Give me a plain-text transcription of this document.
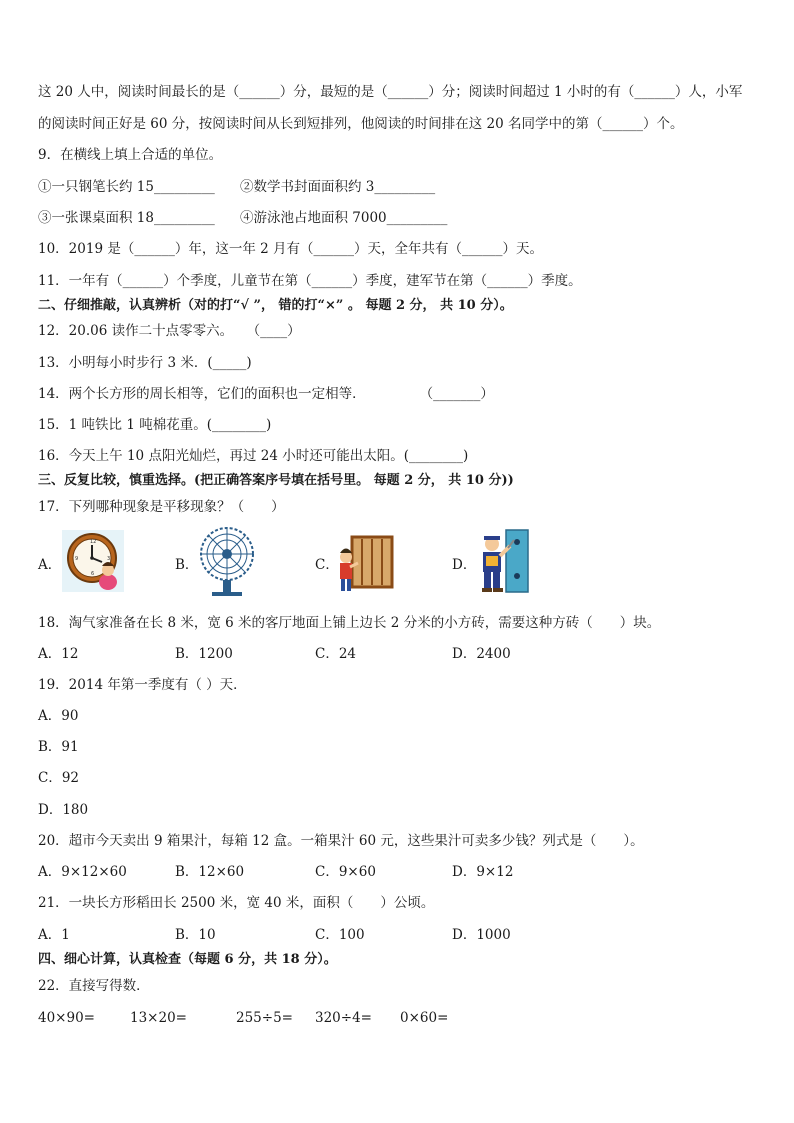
这 20 人中，阅读时间最长的是（______）分，最短的是（______）分；阅读时间超过 1 小时的有（______）人，小军
的阅读时间正好是 60 分，按阅读时间从长到短排列，他阅读的时间排在这 20 名同学中的第（______）个。
9．在横线上填上合适的单位。
①一只钢笔长约 15_________ ②数学书封面面积约 3_________
③一张课桌面积 18_________ ④游泳池占地面积 7000_________
10．2019 是（______）年，这一年 2 月有（______）天，全年共有（______）天。
11．一年有（______）个季度，儿童节在第（______）季度，建军节在第（______）季度。
二、仔细推敲，认真辨析（对的打“√ ”， 错的打“×” 。 每题 2 分， 共 10 分）。
12．20.06 读作二十点零零六。　　（____）
13．小明每小时步行 3 米．(_____)
14．两个长方形的周长相等，它们的面积也一定相等．　　　　　（_______）
15．1 吨铁比 1 吨棉花重。(________)
16．今天上午 10 点阳光灿烂，再过 24 小时还可能出太阳。(________)
三、反复比较，慎重选择。(把正确答案序号填在括号里。 每题 2 分， 共 10 分))
17．下列哪种现象是平移现象？（　　）
A．
12
3
6
9	B．	C．	D．
18．淘气家准备在长 8 米，宽 6 米的客厅地面上铺上边长 2 分米的小方砖，需要这种方砖（　　）块。
A．12	B．1200	C．24	D．2400
19．2014 年第一季度有（ ）天．
A．90
B．91
C．92
D．180
20．超市今天卖出 9 箱果汁，每箱 12 盒。一箱果汁 60 元，这些果汁可卖多少钱？列式是（　　）。
A．9×12×60	B．12×60	C．9×60	D．9×12
21．一块长方形稻田长 2500 米，宽 40 米，面积（　　）公顷。
A．1	B．10	C．100	D．1000
四、细心计算，认真检查（每题 6 分，共 18 分）。
22．直接写得数．
40×90=	13×20=	255÷5= 320÷4= 0×60=
